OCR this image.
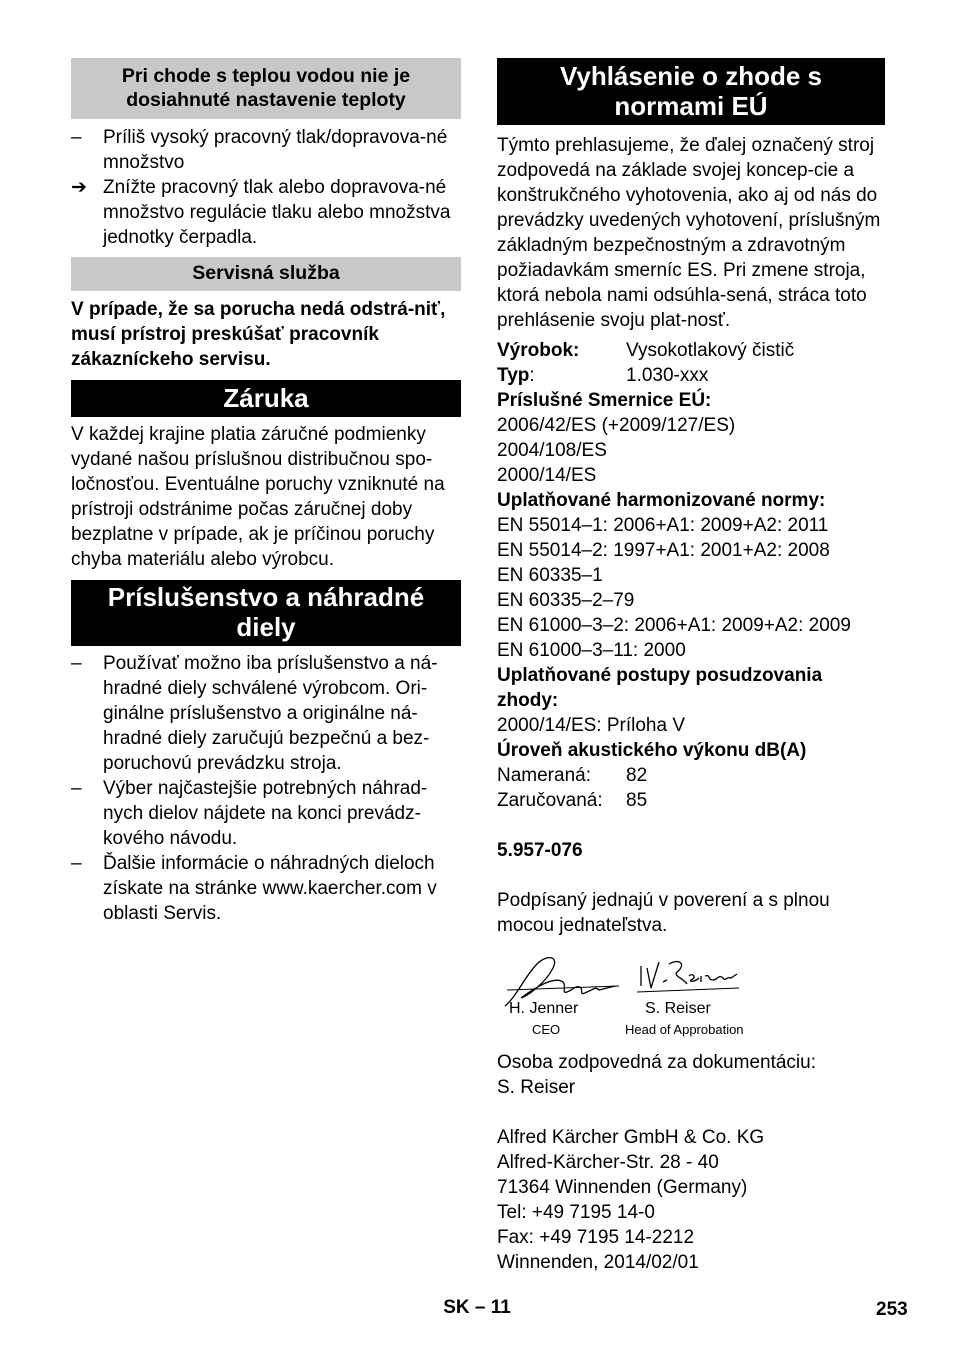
Pri chode s teplou vodou nie je dosiahnuté nastavenie teploty
–	Príliš vysoký pracovný tlak/dopravova-né množstvo
➔ Znížte pracovný tlak alebo dopravova-né množstvo regulácie tlaku alebo množstva jednotky čerpadla.
Servisná služba

V prípade, že sa porucha nedá odstrá-niť, musí prístroj preskúšať pracovník zákazníckeho servisu.

Záruka

V každej krajine platia záručné podmienky vydané našou príslušnou distribučnou spo-ločnosťou. Eventuálne poruchy vzniknuté na prístroji odstránime počas záručnej doby bezplatne v prípade, ak je príčinou poruchy chyba materiálu alebo výrobcu.

Príslušenstvo a náhradné diely
–	Používať možno iba príslušenstvo a ná-hradné diely schválené výrobcom. Ori-ginálne príslušenstvo a originálne ná-hradné diely zaručujú bezpečnú a bez-poruchovú prevádzku stroja.
–	Výber najčastejšie potrebných náhrad-nych dielov nájdete na konci prevádz-kového návodu.
–	Ďalšie informácie o náhradných dieloch získate na stránke www.kaercher.com v oblasti Servis.
Vyhlásenie o zhode s normami EÚ

Týmto prehlasujeme, že ďalej označený stroj zodpovedá na základe svojej koncep-cie a konštrukčného vyhotovenia, ako aj od nás do prevádzky uvedených vyhotovení, príslušným základným bezpečnostným a zdravotným požiadavkám smerníc ES. Pri zmene stroja, ktorá nebola nami odsúhla-sená, stráca toto prehlásenie svoju plat-nosť.

Výrobok:	Vysokotlakový čistič
Typ:	1.030-xxx

Príslušné Smernice EÚ:

2006/42/ES (+2009/127/ES)

2004/108/ES

2000/14/ES

Uplatňované harmonizované normy:

EN 55014–1: 2006+A1: 2009+A2: 2011

EN 55014–2: 1997+A1: 2001+A2: 2008

EN 60335–1

EN 60335–2–79

EN 61000–3–2: 2006+A1: 2009+A2: 2009

EN 61000–3–11: 2000

Uplatňované postupy posudzovania zhody:

2000/14/ES: Príloha V

Úroveň akustického výkonu dB(A)

Nameraná:	82
Zaručovaná:	85

5.957-076

Podpísaný jednajú v poverení a s plnou mocou jednateľstva.

H. Jenner
CEO
S. Reiser
Head of Approbation

Osoba zodpovedná za dokumentáciu:

S. Reiser

Alfred Kärcher GmbH & Co. KG

Alfred-Kärcher-Str. 28 - 40

71364 Winnenden (Germany)

Tel: +49 7195 14-0

Fax: +49 7195 14-2212

Winnenden, 2014/02/01

SK – 11	253
